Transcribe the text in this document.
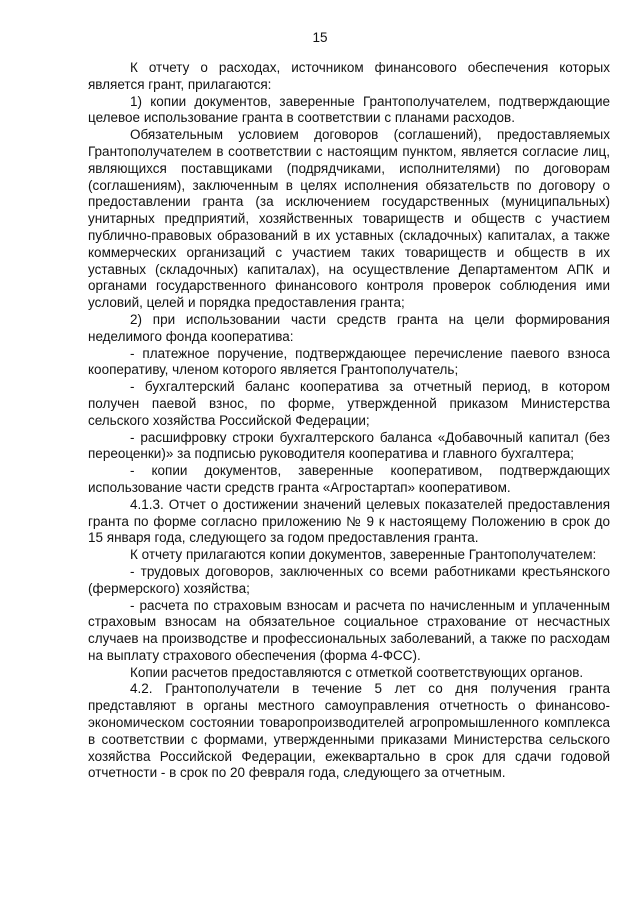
15

К отчету о расходах, источником финансового обеспечения которых является грант, прилагаются:

1) копии документов, заверенные Грантополучателем, подтверждающие целевое использование гранта в соответствии с планами расходов.

Обязательным условием договоров (соглашений), предоставляемых Грантополучателем в соответствии с настоящим пунктом, является согласие лиц, являющихся поставщиками (подрядчиками, исполнителями) по договорам (соглашениям), заключенным в целях исполнения обязательств по договору о предоставлении гранта (за исключением государственных (муниципальных) унитарных предприятий, хозяйственных товариществ и обществ с участием публично-правовых образований в их уставных (складочных) капиталах, а также коммерческих организаций с участием таких товариществ и обществ в их уставных (складочных) капиталах), на осуществление Департаментом АПК и органами государственного финансового контроля проверок соблюдения ими условий, целей и порядка предоставления гранта;

2) при использовании части средств гранта на цели формирования неделимого фонда кооператива:

- платежное поручение, подтверждающее перечисление паевого взноса кооперативу, членом которого является Грантополучатель;

- бухгалтерский баланс кооператива за отчетный период, в котором получен паевой взнос, по форме, утвержденной приказом Министерства сельского хозяйства Российской Федерации;

- расшифровку строки бухгалтерского баланса «Добавочный капитал (без переоценки)» за подписью руководителя кооператива и главного бухгалтера;

- копии документов, заверенные кооперативом, подтверждающих использование части средств гранта «Агростартап» кооперативом.

4.1.3. Отчет о достижении значений целевых показателей предоставления гранта по форме согласно приложению № 9 к настоящему Положению в срок до 15 января года, следующего за годом предоставления гранта.

К отчету прилагаются копии документов, заверенные Грантополучателем:

- трудовых договоров, заключенных со всеми работниками крестьянского (фермерского) хозяйства;

- расчета по страховым взносам и расчета по начисленным и уплаченным страховым взносам на обязательное социальное страхование от несчастных случаев на производстве и профессиональных заболеваний, а также по расходам на выплату страхового обеспечения (форма 4-ФСС).

Копии расчетов предоставляются с отметкой соответствующих органов.

4.2. Грантополучатели в течение 5 лет со дня получения гранта представляют в органы местного самоуправления отчетность о финансово-экономическом состоянии товаропроизводителей агропромышленного комплекса в соответствии с формами, утвержденными приказами Министерства сельского хозяйства Российской Федерации, ежеквартально в срок для сдачи годовой отчетности - в срок по 20 февраля года, следующего за отчетным.
